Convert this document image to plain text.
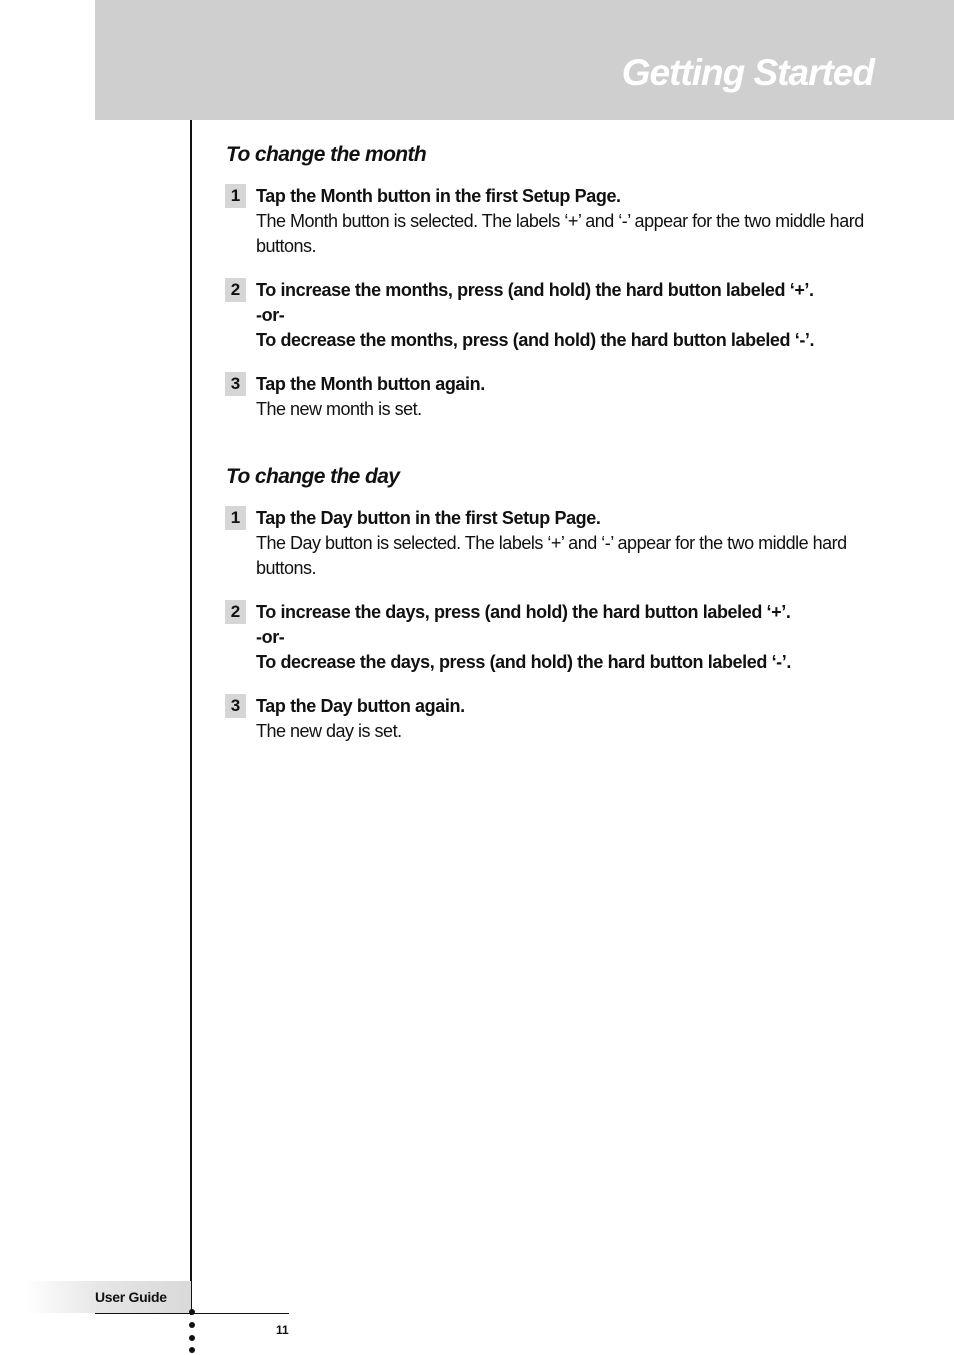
Getting Started
To change the month
1 Tap the Month button in the first Setup Page.
The Month button is selected. The labels ‘+’ and ‘-’ appear for the two middle hard buttons.
2 To increase the months, press (and hold) the hard button labeled ‘+’.
-or-
To decrease the months, press (and hold) the hard button labeled ‘-’.
3 Tap the Month button again.
The new month is set.
To change the day
1 Tap the Day button in the first Setup Page.
The Day button is selected. The labels ‘+’ and ‘-’ appear for the two middle hard buttons.
2 To increase the days, press (and hold) the hard button labeled ‘+’.
-or-
To decrease the days, press (and hold) the hard button labeled ‘-’.
3 Tap the Day button again.
The new day is set.
User Guide
11
